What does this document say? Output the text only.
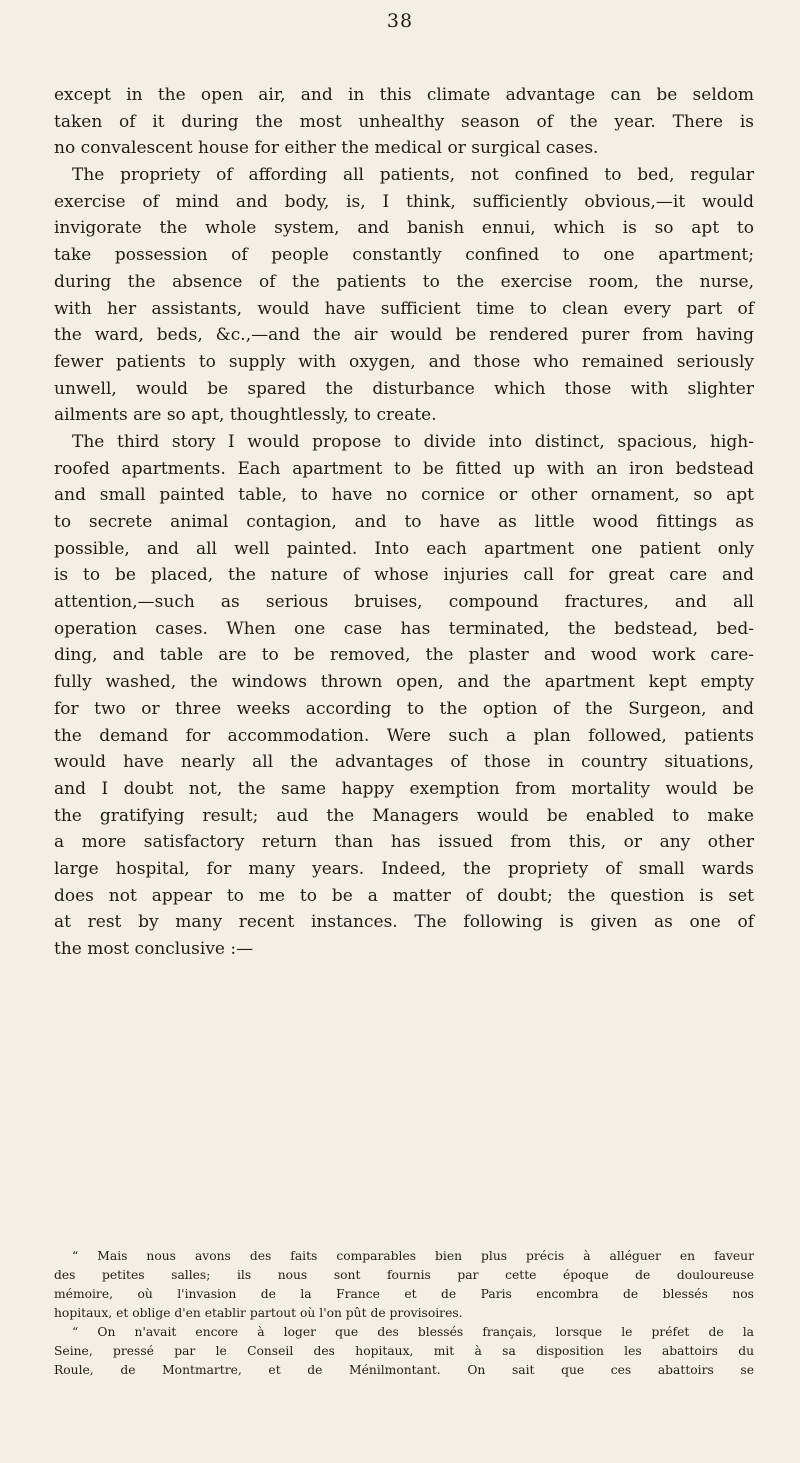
38
except in the open air, and in this climate advantage can be seldom
taken of it during the most unhealthy season of the year. There is
no convalescent house for either the medical or surgical cases.
The propriety of affording all patients, not confined to bed, regular
exercise of mind and body, is, I think, sufficiently obvious,—it would
invigorate the whole system, and banish ennui, which is so apt to
take possession of people constantly confined to one apartment;
during the absence of the patients to the exercise room, the nurse,
with her assistants, would have sufficient time to clean every part of
the ward, beds, &c.,—and the air would be rendered purer from having
fewer patients to supply with oxygen, and those who remained seriously
unwell, would be spared the disturbance which those with slighter
ailments are so apt, thoughtlessly, to create.
The third story I would propose to divide into distinct, spacious, high-
roofed apartments. Each apartment to be fitted up with an iron bedstead
and small painted table, to have no cornice or other ornament, so apt
to secrete animal contagion, and to have as little wood fittings as
possible, and all well painted. Into each apartment one patient only
is to be placed, the nature of whose injuries call for great care and
attention,—such as serious bruises, compound fractures, and all
operation cases. When one case has terminated, the bedstead, bed-
ding, and table are to be removed, the plaster and wood work care-
fully washed, the windows thrown open, and the apartment kept empty
for two or three weeks according to the option of the Surgeon, and
the demand for accommodation. Were such a plan followed, patients
would have nearly all the advantages of those in country situations,
and I doubt not, the same happy exemption from mortality would be
the gratifying result; aud the Managers would be enabled to make
a more satisfactory return than has issued from this, or any other
large hospital, for many years. Indeed, the propriety of small wards
does not appear to me to be a matter of doubt; the question is set
at rest by many recent instances. The following is given as one of
the most conclusive :—
“ Mais nous avons des faits comparables bien plus précis à alléguer en faveur
des petites salles; ils nous sont fournis par cette époque de douloureuse
mémoire, où l'invasion de la France et de Paris encombra de blessés nos
hopitaux, et oblige d'en etablir partout où l'on pût de provisoires.
“ On n'avait encore à loger que des blessés français, lorsque le préfet de la
Seine, pressé par le Conseil des hopitaux, mit à sa disposition les abattoirs du
Roule, de Montmartre, et de Ménilmontant. On sait que ces abattoirs se
